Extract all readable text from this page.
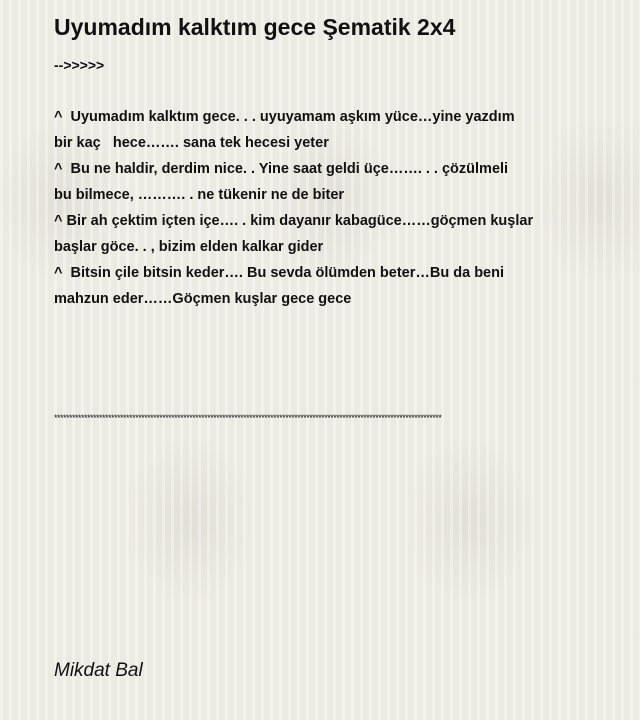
Uyumadım kalktım gece Şematik 2x4
-->>>>>
^  Uyumadım kalktım gece. . . uyuyamam aşkım yüce…yine yazdım
bir kaç   hece……. sana tek hecesi yeter
^  Bu ne haldir, derdim nice. . Yine saat geldi üçe……. . . çözülmeli
bu bilmece, ………. . ne tükenir ne de biter
^ Bir ah çektim içten içe…. . kim dayanır kabagüce……göçmen kuşlar
başlar göce. . , bizim elden kalkar gider
^  Bitsin çile bitsin keder…. Bu sevda ölümden beter…Bu da beni
mahzun eder……Göçmen kuşlar gece gece
*********************************************************************************************************************************
Mikdat Bal
